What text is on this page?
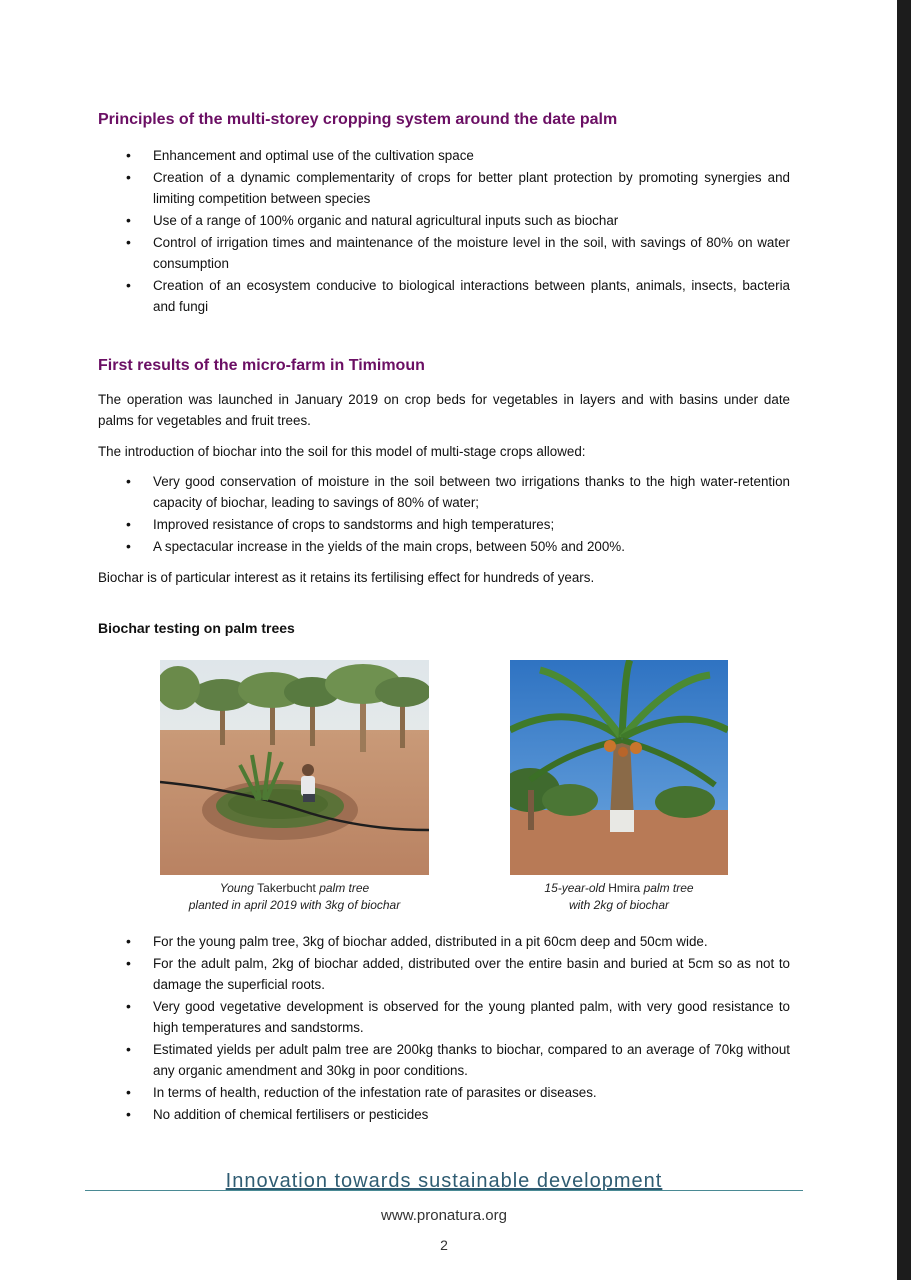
Principles of the multi-storey cropping system around the date palm
• Enhancement and optimal use of the cultivation space
• Creation of a dynamic complementarity of crops for better plant protection by promoting synergies and limiting competition between species
• Use of a range of 100% organic and natural agricultural inputs such as biochar
• Control of irrigation times and maintenance of the moisture level in the soil, with savings of 80% on water consumption
• Creation of an ecosystem conducive to biological interactions between plants, animals, insects, bacteria and fungi
First results of the micro-farm in Timimoun

The operation was launched in January 2019 on crop beds for vegetables in layers and with basins under date palms for vegetables and fruit trees.

The introduction of biochar into the soil for this model of multi-stage crops allowed:

• Very good conservation of moisture in the soil between two irrigations thanks to the high water-retention capacity of biochar, leading to savings of 80% of water;
• Improved resistance of crops to sandstorms and high temperatures;
• A spectacular increase in the yields of the main crops, between 50% and 200%.

Biochar is of particular interest as it retains its fertilising effect for hundreds of years.

Biochar testing on palm trees
Young Takerbucht palm tree
planted in april 2019 with 3kg of biochar
15-year-old Hmira palm tree
with 2kg of biochar
• For the young palm tree, 3kg of biochar added, distributed in a pit 60cm deep and 50cm wide.
• For the adult palm, 2kg of biochar added, distributed over the entire basin and buried at 5cm so as not to damage the superficial roots.
• Very good vegetative development is observed for the young planted palm, with very good resistance to high temperatures and sandstorms.
• Estimated yields per adult palm tree are 200kg thanks to biochar, compared to an average of 70kg without any organic amendment and 30kg in poor conditions.
• In terms of health, reduction of the infestation rate of parasites or diseases.
• No addition of chemical fertilisers or pesticides
Innovation towards sustainable development
www.pronatura.org
2
